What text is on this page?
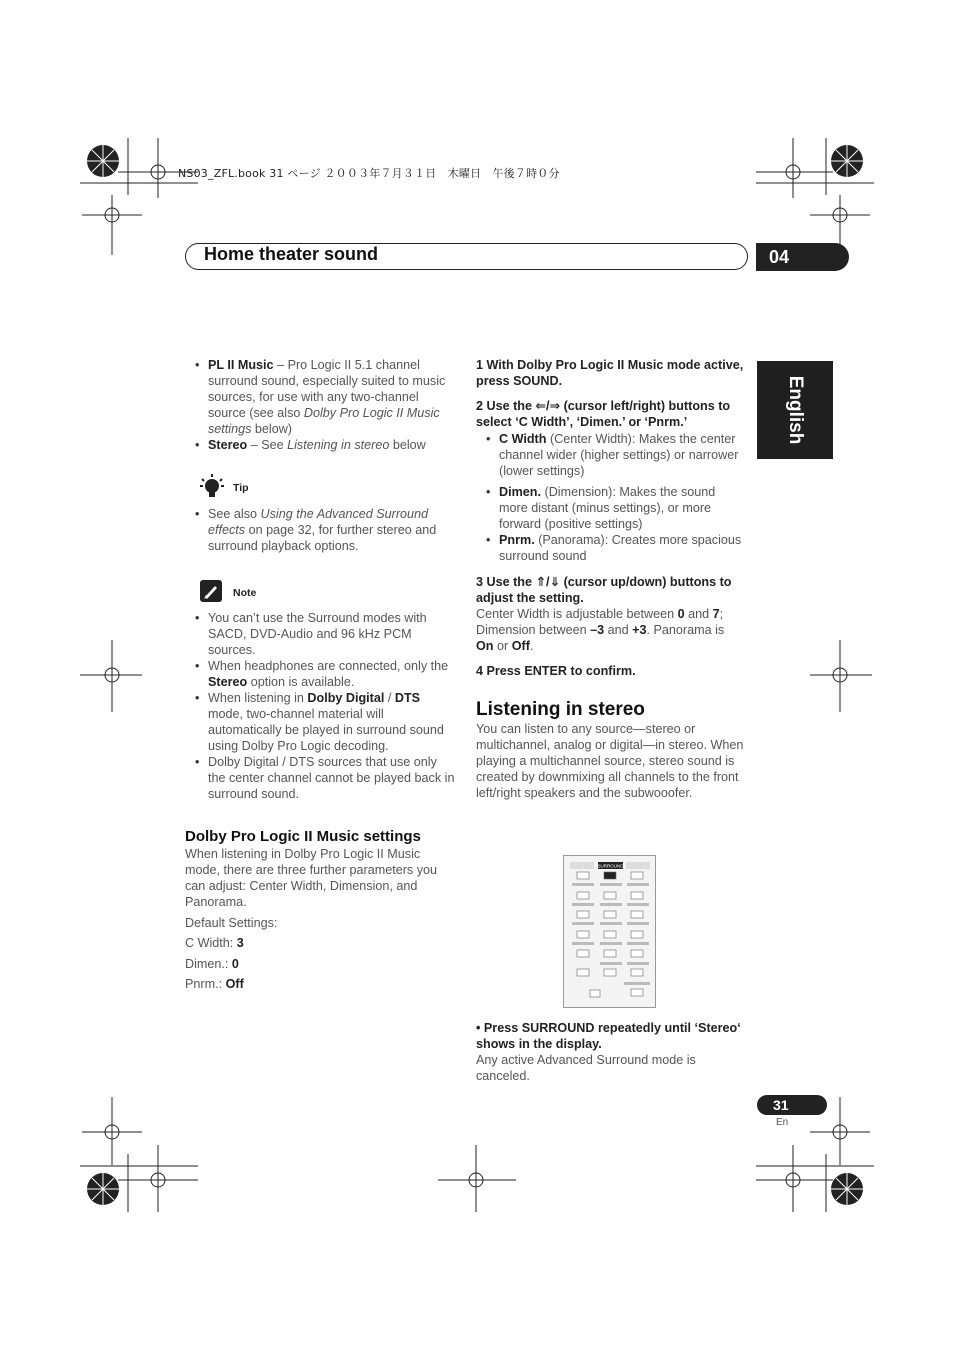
NS03_ZFL.book 31 ページ ２００３年７月３１日　木曜日　午後７時０分
Home theater sound	04
English

• PL II Music – Pro Logic II 5.1 channel surround sound, especially suited to music sources, for use with any two-channel source (see also Dolby Pro Logic II Music settings below)

• Stereo – See Listening in stereo below

Tip

• See also Using the Advanced Surround effects on page 32, for further stereo and surround playback options.

Note

• You can’t use the Surround modes with SACD, DVD-Audio and 96 kHz PCM sources.

• When headphones are connected, only the Stereo option is available.

• When listening in Dolby Digital / DTS mode, two-channel material will automatically be played in surround sound using Dolby Pro Logic decoding.

• Dolby Digital / DTS sources that use only the center channel cannot be played back in surround sound.

Dolby Pro Logic II Music settings

When listening in Dolby Pro Logic II Music mode, there are three further parameters you can adjust: Center Width, Dimension, and Panorama.

Default Settings:

C Width: 3

Dimen.: 0

Pnrm.: Off

1 With Dolby Pro Logic II Music mode active, press SOUND.

2 Use the ⇐/⇒ (cursor left/right) buttons to select ‘C Width’, ‘Dimen.’ or ‘Pnrm.’

• C Width (Center Width): Makes the center channel wider (higher settings) or narrower (lower settings)

• Dimen. (Dimension): Makes the sound more distant (minus settings), or more forward (positive settings)

• Pnrm. (Panorama): Creates more spacious surround sound

3 Use the ⇑/⇓ (cursor up/down) buttons to adjust the setting.

Center Width is adjustable between 0 and 7; Dimension between –3 and +3. Panorama is On or Off.

4 Press ENTER to confirm.

Listening in stereo

You can listen to any source—stereo or multichannel, analog or digital—in stereo. When playing a multichannel source, stereo sound is created by downmixing all channels to the front left/right speakers and the subwooofer.

SURROUND

• Press SURROUND repeatedly until ‘Stereo‘ shows in the display.

Any active Advanced Surround mode is canceled.

31
En
